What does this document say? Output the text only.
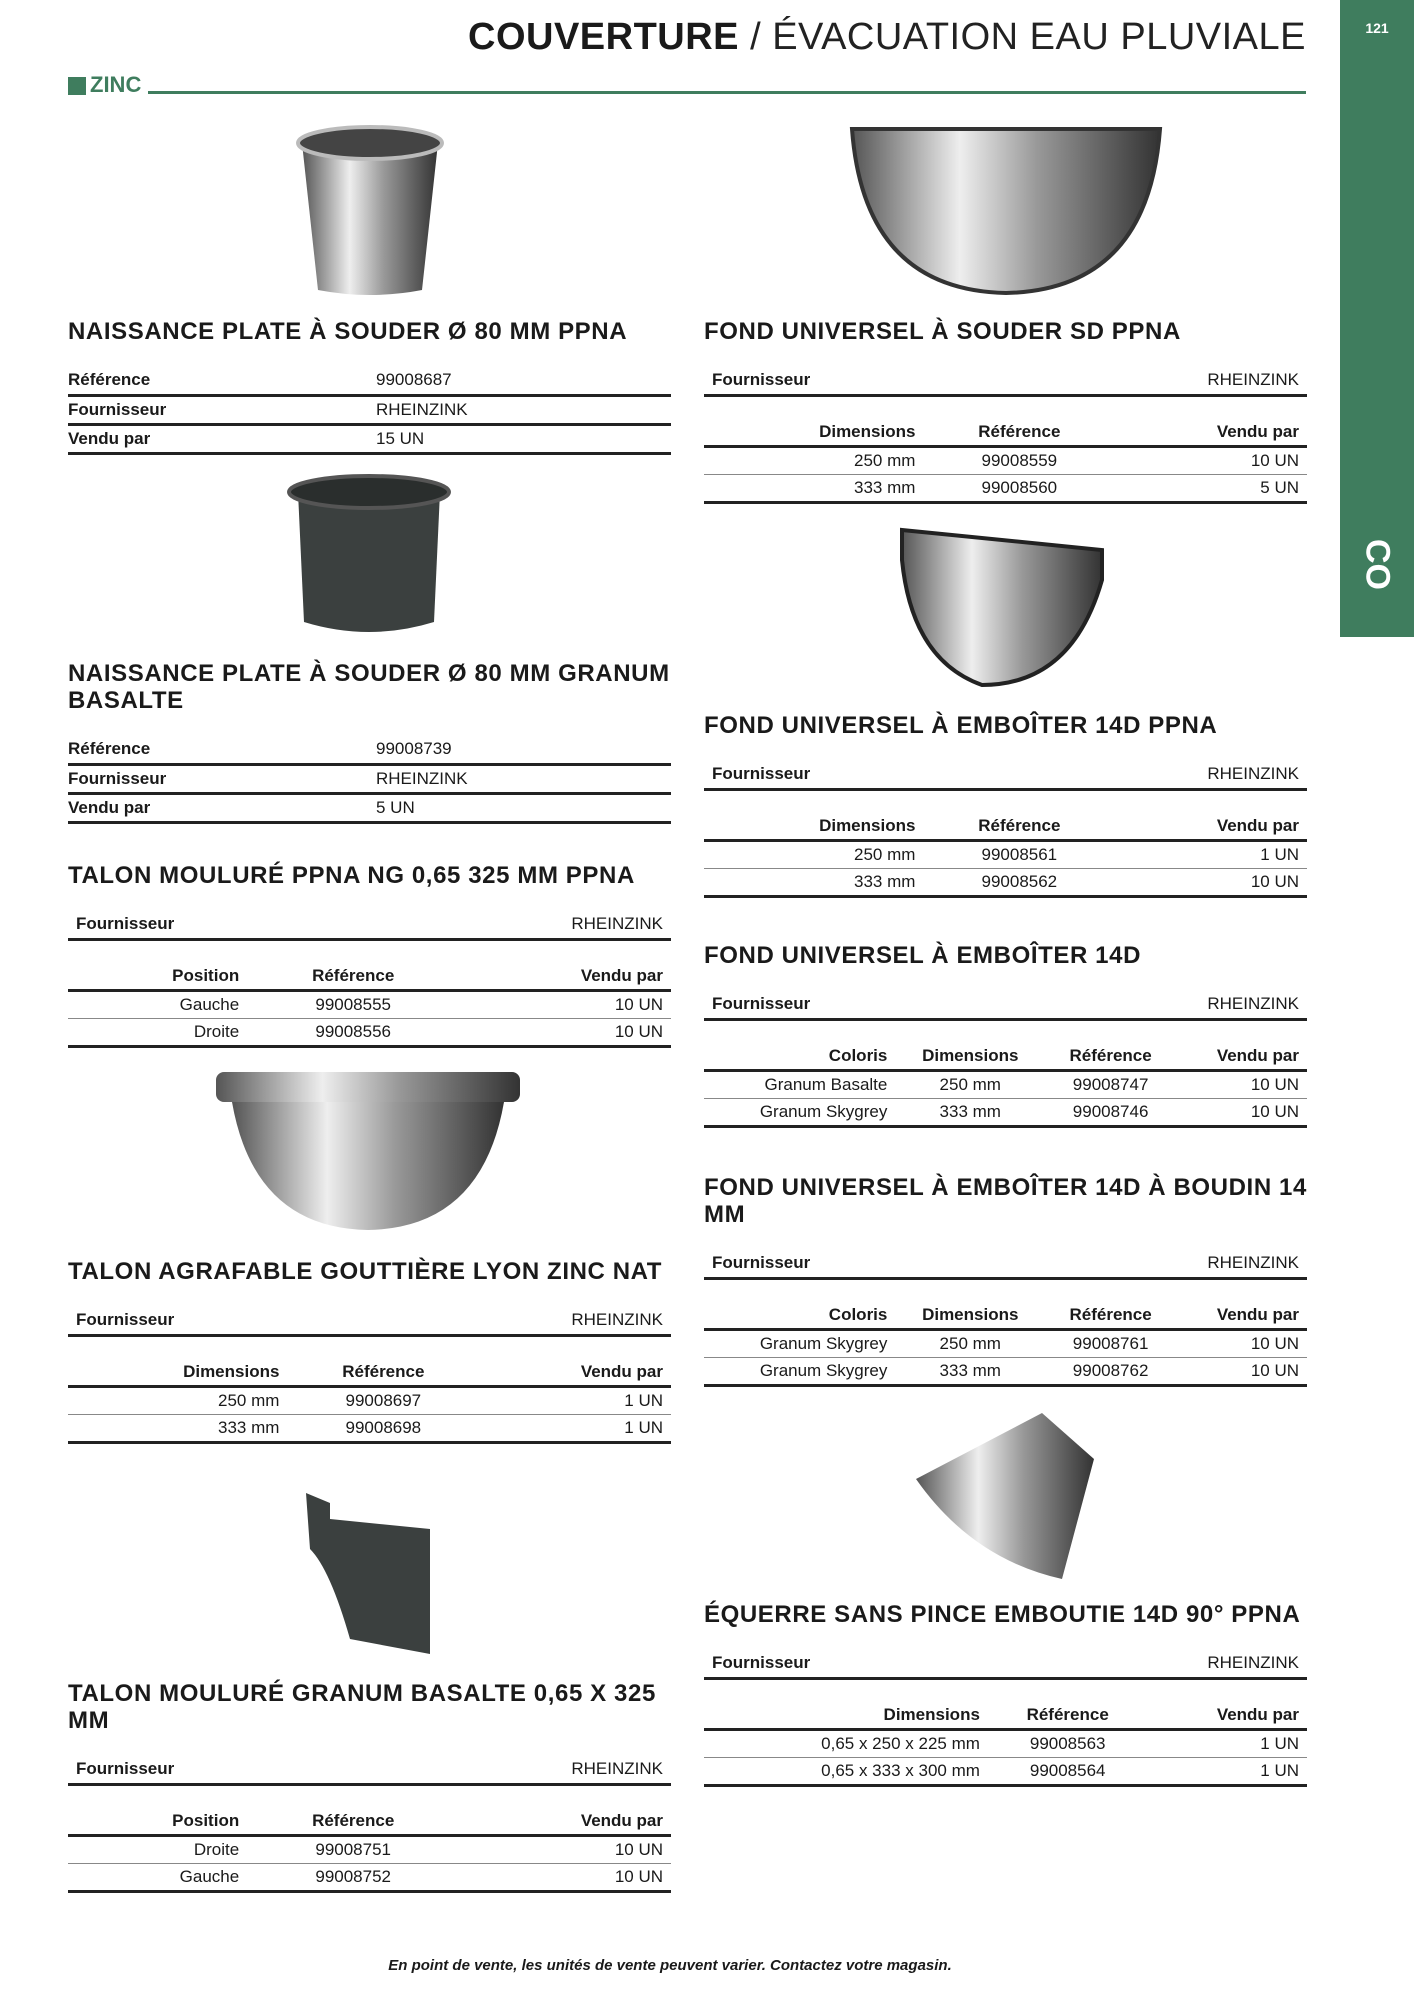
COUVERTURE / ÉVACUATION EAU PLUVIALE	121
CO
ZINC
NAISSANCE PLATE À SOUDER Ø 80 MM PPNA
Référence	99008687
Fournisseur	RHEINZINK
Vendu par	15 UN
NAISSANCE PLATE À SOUDER Ø 80 MM GRANUM BASALTE
Référence	99008739
Fournisseur	RHEINZINK
Vendu par	5 UN
TALON MOULURÉ PPNA NG 0,65 325 MM PPNA
Fournisseur	RHEINZINK
Position	Référence	Vendu par
Gauche	99008555	10 UN
Droite	99008556	10 UN
TALON AGRAFABLE GOUTTIÈRE LYON ZINC NAT
Fournisseur	RHEINZINK
Dimensions	Référence	Vendu par
250 mm	99008697	1 UN
333 mm	99008698	1 UN
TALON MOULURÉ GRANUM BASALTE 0,65 X 325 MM
Fournisseur	RHEINZINK
Position	Référence	Vendu par
Droite	99008751	10 UN
Gauche	99008752	10 UN
FOND UNIVERSEL À SOUDER SD PPNA
Fournisseur	RHEINZINK
Dimensions	Référence	Vendu par
250 mm	99008559	10 UN
333 mm	99008560	5 UN
FOND UNIVERSEL À EMBOÎTER 14D PPNA
Fournisseur	RHEINZINK
Dimensions	Référence	Vendu par
250 mm	99008561	1 UN
333 mm	99008562	10 UN
FOND UNIVERSEL À EMBOÎTER 14D
Fournisseur	RHEINZINK
Coloris	Dimensions	Référence	Vendu par
Granum Basalte	250 mm	99008747	10 UN
Granum Skygrey	333 mm	99008746	10 UN
FOND UNIVERSEL À EMBOÎTER 14D À BOUDIN 14 MM
Fournisseur	RHEINZINK
Coloris	Dimensions	Référence	Vendu par
Granum Skygrey	250 mm	99008761	10 UN
Granum Skygrey	333 mm	99008762	10 UN
ÉQUERRE SANS PINCE EMBOUTIE 14D 90° PPNA
Fournisseur	RHEINZINK
Dimensions	Référence	Vendu par
0,65 x 250 x 225 mm	99008563	1 UN
0,65 x 333 x 300 mm	99008564	1 UN
En point de vente, les unités de vente peuvent varier. Contactez votre magasin.
